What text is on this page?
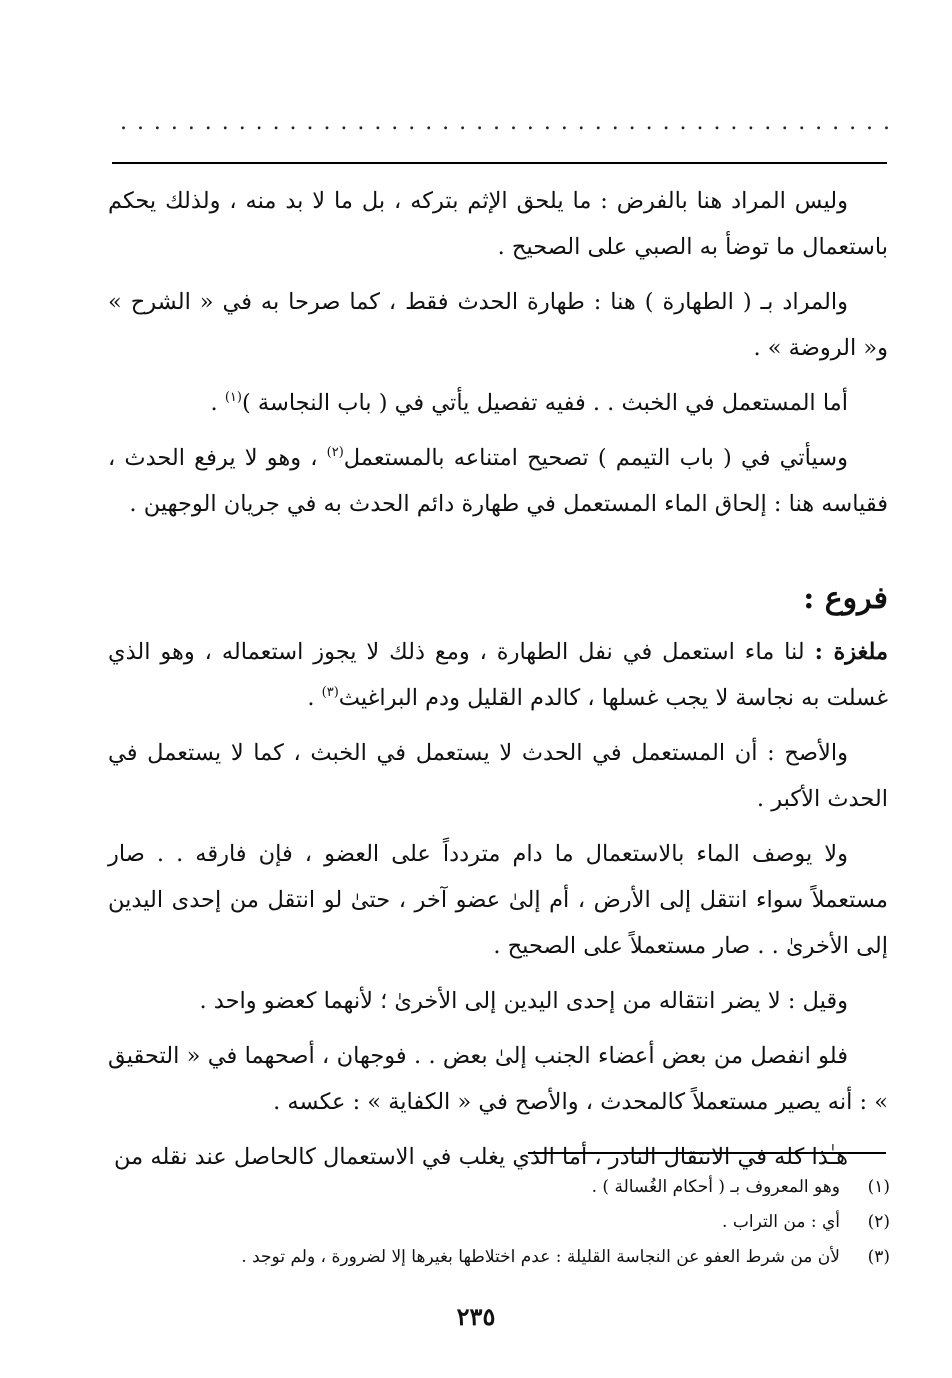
. . . . . . . . . . . . . . . . . . . . . . . . . . . . . . . . . . . . . . . . . . . . . .

وليس المراد هنا بالفرض : ما يلحق الإثم بتركه ، بل ما لا بد منه ، ولذلك يحكم باستعمال ما توضأ به الصبي على الصحيح .

والمراد بـ ( الطهارة ) هنا : طهارة الحدث فقط ، كما صرحا به في « الشرح » و« الروضة » .

أما المستعمل في الخبث . . ففيه تفصيل يأتي في ( باب النجاسة )$^{(١)}$ .

وسيأتي في ( باب التيمم ) تصحيح امتناعه بالمستعمل$^{(٢)}$ ، وهو لا يرفع الحدث ، فقياسه هنا : إلحاق الماء المستعمل في طهارة دائم الحدث به في جريان الوجهين .

فروع :

ملغزة : لنا ماء استعمل في نفل الطهارة ، ومع ذلك لا يجوز استعماله ، وهو الذي غسلت به نجاسة لا يجب غسلها ، كالدم القليل ودم البراغيث$^{(٣)}$ .

والأصح : أن المستعمل في الحدث لا يستعمل في الخبث ، كما لا يستعمل في الحدث الأكبر .

ولا يوصف الماء بالاستعمال ما دام متردداً على العضو ، فإن فارقه . . صار مستعملاً سواء انتقل إلى الأرض ، أم إلىٰ عضو آخر ، حتىٰ لو انتقل من إحدى اليدين إلى الأخرىٰ . . صار مستعملاً على الصحيح .

وقيل : لا يضر انتقاله من إحدى اليدين إلى الأخرىٰ ؛ لأنهما كعضو واحد .

فلو انفصل من بعض أعضاء الجنب إلىٰ بعض . . فوجهان ، أصحهما في « التحقيق » : أنه يصير مستعملاً كالمحدث ، والأصح في « الكفاية » : عكسه .

هـٰذا كله في الانتقال النادر ، أما الذي يغلب في الاستعمال كالحاصل عند نقله من

(١)
وهو المعروف بـ ( أحكام الغُسالة ) .
(٢)
أي : من التراب .
(٣)
لأن من شرط العفو عن النجاسة القليلة : عدم اختلاطها بغيرها إلا لضرورة ، ولم توجد .
٢٣٥
